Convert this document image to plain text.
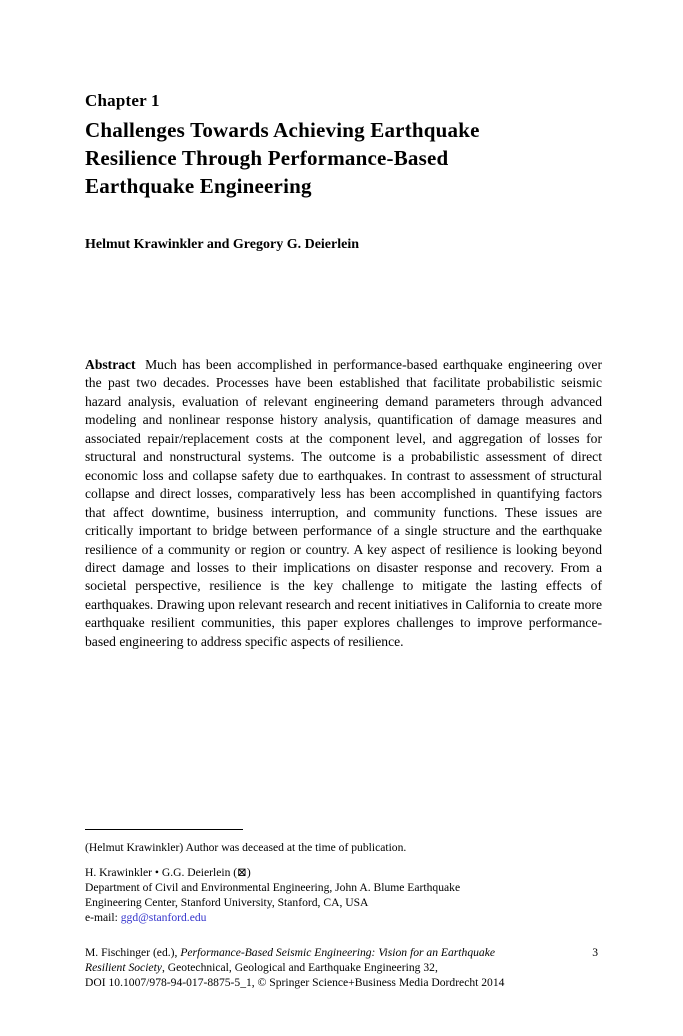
Chapter 1
Challenges Towards Achieving Earthquake
Resilience Through Performance-Based
Earthquake Engineering
Helmut Krawinkler and Gregory G. Deierlein

Abstract Much has been accomplished in performance-based earthquake engineering over the past two decades. Processes have been established that facilitate probabilistic seismic hazard analysis, evaluation of relevant engineering demand parameters through advanced modeling and nonlinear response history analysis, quantification of damage measures and associated repair/replacement costs at the component level, and aggregation of losses for structural and nonstructural systems. The outcome is a probabilistic assessment of direct economic loss and collapse safety due to earthquakes. In contrast to assessment of structural collapse and direct losses, comparatively less has been accomplished in quantifying factors that affect downtime, business interruption, and community functions. These issues are critically important to bridge between performance of a single structure and the earthquake resilience of a community or region or country. A key aspect of resilience is looking beyond direct damage and losses to their implications on disaster response and recovery. From a societal perspective, resilience is the key challenge to mitigate the lasting effects of earthquakes. Drawing upon relevant research and recent initiatives in California to create more earthquake resilient communities, this paper explores challenges to improve performance-based engineering to address specific aspects of resilience.

(Helmut Krawinkler) Author was deceased at the time of publication.
H. Krawinkler • G.G. Deierlein (⊠)
Department of Civil and Environmental Engineering, John A. Blume Earthquake
Engineering Center, Stanford University, Stanford, CA, USA
e-mail: ggd@stanford.edu
M. Fischinger (ed.), Performance-Based Seismic Engineering: Vision for an Earthquake
Resilient Society, Geotechnical, Geological and Earthquake Engineering 32,
DOI 10.1007/978-94-017-8875-5_1, © Springer Science+Business Media Dordrecht 2014
3
